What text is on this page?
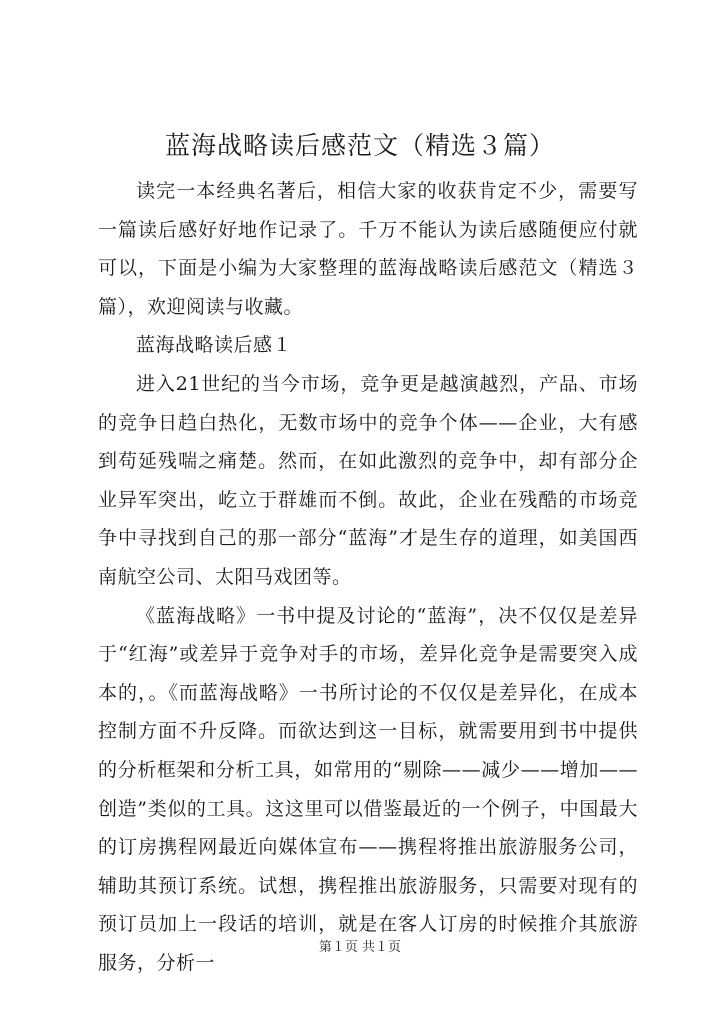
蓝海战略读后感范文（精选３篇）

读完一本经典名著后，相信大家的收获肯定不少，需要写一篇读后感好好地作记录了。千万不能认为读后感随便应付就可以，下面是小编为大家整理的蓝海战略读后感范文（精选３篇），欢迎阅读与收藏。

蓝海战略读后感１

进入21世纪的当今市场，竞争更是越演越烈，产品、市场的竞争日趋白热化，无数市场中的竞争个体——企业，大有感到苟延残喘之痛楚。然而，在如此激烈的竞争中，却有部分企业异军突出，屹立于群雄而不倒。故此，企业在残酷的市场竞争中寻找到自己的那一部分“蓝海”才是生存的道理，如美国西南航空公司、太阳马戏团等。

《蓝海战略》一书中提及讨论的“蓝海”，决不仅仅是差异于“红海”或差异于竞争对手的市场，差异化竞争是需要突入成本的，。《而蓝海战略》一书所讨论的不仅仅是差异化，在成本控制方面不升反降。而欲达到这一目标，就需要用到书中提供的分析框架和分析工具，如常用的“剔除——减少——增加——创造”类似的工具。这这里可以借鉴最近的一个例子，中国最大的订房携程网最近向媒体宣布——携程将推出旅游服务公司，辅助其预订系统。试想，携程推出旅游服务，只需要对现有的预订员加上一段话的培训，就是在客人订房的时候推介其旅游服务，分析一

第１页 共１页
